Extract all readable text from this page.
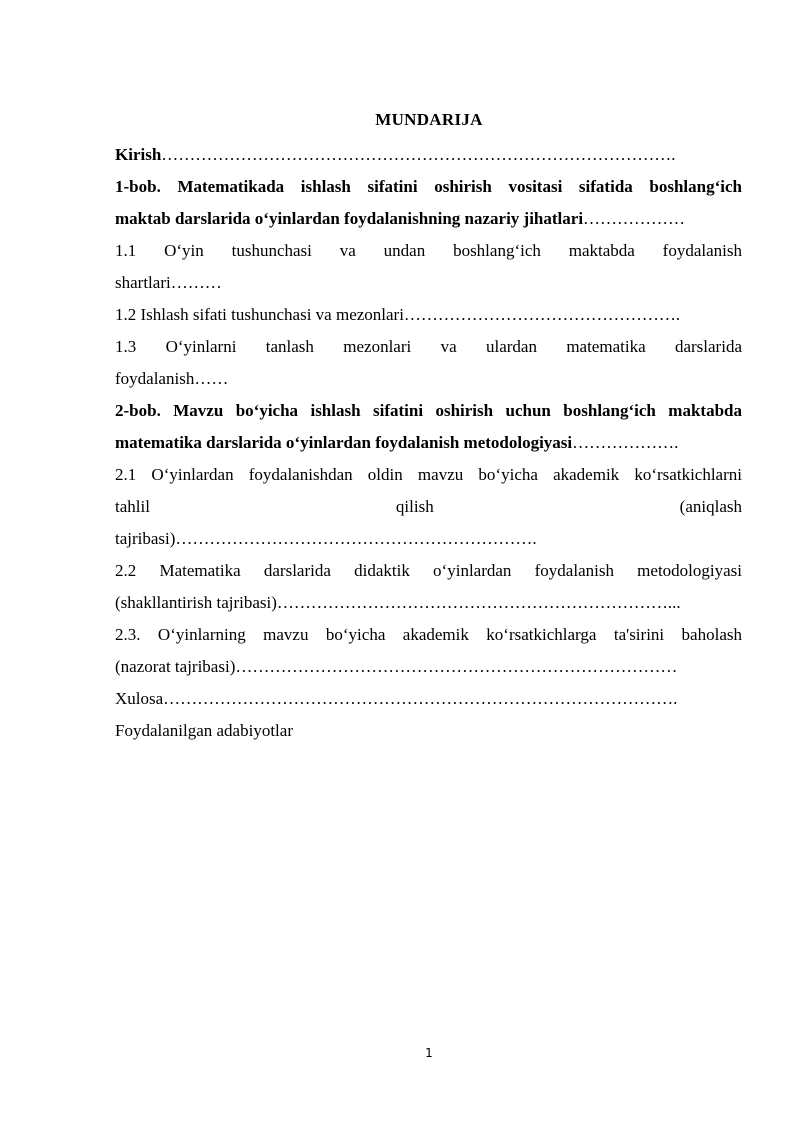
MUNDARIJA

Kirish……………………………………………………………………………….

1-bob. Matematikada ishlash sifatini oshirish vositasi sifatida boshlang‘ich
maktab darslarida o‘yinlardan foydalanishning nazariy jihatlari………………

1.1 O‘yin tushunchasi va undan boshlang‘ich maktabda foydalanish
shartlari………

1.2 Ishlash sifati tushunchasi va mezonlari………………………………………….

1.3 O‘yinlarni tanlash mezonlari va ulardan matematika darslarida
foydalanish……

2-bob. Mavzu bo‘yicha ishlash sifatini oshirish uchun boshlang‘ich maktabda
matematika darslarida o‘yinlardan foydalanish metodologiyasi……………….

2.1 O‘yinlardan foydalanishdan oldin mavzu bo‘yicha akademik ko‘rsatkichlarni
tahlil qilish (aniqlash
tajribasi)……………………………………………………….

2.2 Matematika darslarida didaktik o‘yinlardan foydalanish metodologiyasi
(shakllantirish tajribasi)……………………………………………………………...

2.3. O‘yinlarning mavzu bo‘yicha akademik ko‘rsatkichlarga ta'sirini baholash
(nazorat tajribasi)……………………………………………………………………

Xulosa……………………………………………………………………………….

Foydalanilgan adabiyotlar

1
